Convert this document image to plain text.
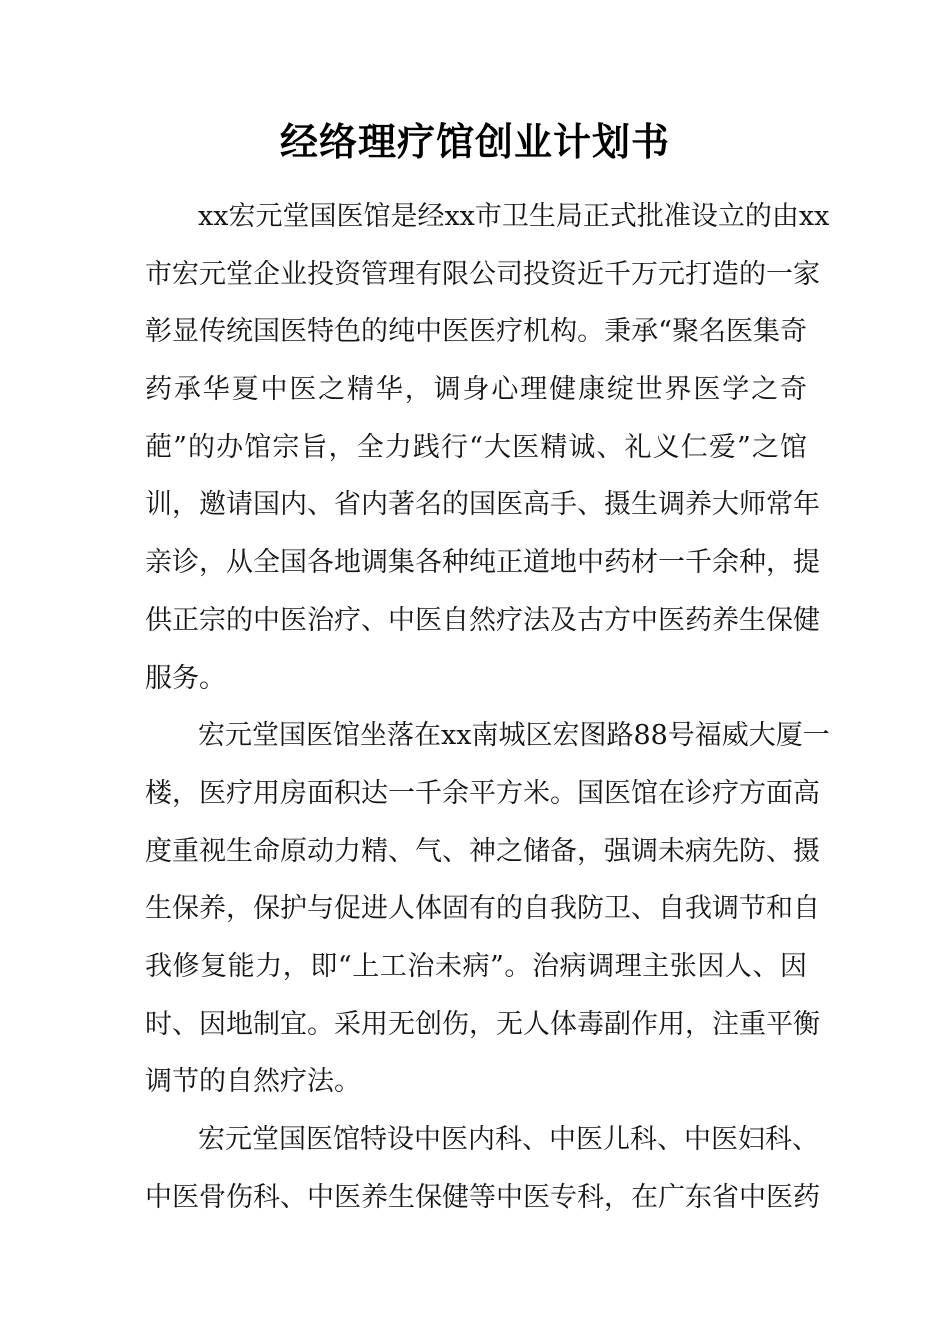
经络理疗馆创业计划书
xx宏元堂国医馆是经xx市卫生局正式批准设立的由xx
市宏元堂企业投资管理有限公司投资近千万元打造的一家
彰显传统国医特色的纯中医医疗机构。秉承“聚名医集奇
药承华夏中医之精华，调身心理健康绽世界医学之奇
葩”的办馆宗旨，全力践行“大医精诚、礼义仁爱”之馆
训，邀请国内、省内著名的国医高手、摄生调养大师常年
亲诊，从全国各地调集各种纯正道地中药材一千余种，提
供正宗的中医治疗、中医自然疗法及古方中医药养生保健
服务。
宏元堂国医馆坐落在xx南城区宏图路88号福威大厦一
楼，医疗用房面积达一千余平方米。国医馆在诊疗方面高
度重视生命原动力精、气、神之储备，强调未病先防、摄
生保养，保护与促进人体固有的自我防卫、自我调节和自
我修复能力，即“上工治未病”。治病调理主张因人、因
时、因地制宜。采用无创伤，无人体毒副作用，注重平衡
调节的自然疗法。
宏元堂国医馆特设中医内科、中医儿科、中医妇科、
中医骨伤科、中医养生保健等中医专科，在广东省中医药
